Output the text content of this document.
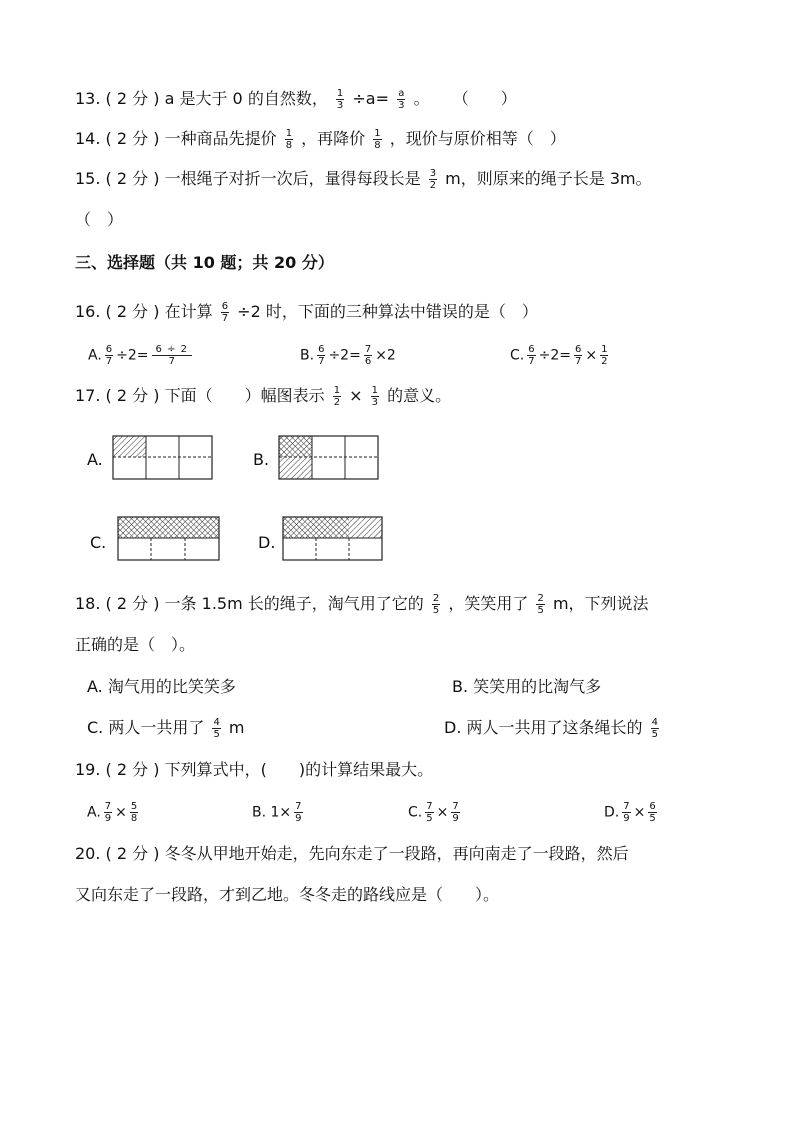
13. ( 2 分 ) a 是大于 0 的自然数， $\frac{1}{3} \div a= \frac{a}{3}$ 。 （　　）
14. ( 2 分 ) 一种商品先提价 $\frac{1}{8}$ ，再降价 $\frac{1}{8}$ ，现价与原价相等（　）
15. ( 2 分 ) 一根绳子对折一次后，量得每段长是 $\frac{3}{2}$ m，则原来的绳子长是 3m。
（　）
三、选择题（共 10 题；共 20 分）
16. ( 2 分 ) 在计算 $\frac{6}{7} \div 2$ 时，下面的三种算法中错误的是（　）
A. $\frac{6}{7} \div 2= \frac{6 \div 2}{7}$	B. $\frac{6}{7} \div 2= \frac{7}{6} \times 2$	C. $\frac{6}{7} \div 2= \frac{6}{7} \times \frac{1}{2}$
17. ( 2 分 ) 下面（　　）幅图表示 $\frac{1}{2} \times \frac{1}{3}$ 的意义。
A.	B.
C.	D.
18. ( 2 分 ) 一条 1.5m 长的绳子，淘气用了它的 $\frac{2}{5}$ ，笑笑用了 $\frac{2}{5}$ m，下列说法
正确的是（　）。
A. 淘气用的比笑笑多	B. 笑笑用的比淘气多
C. 两人一共用了 $\frac{4}{5}$ m	D. 两人一共用了这条绳长的 $\frac{4}{5}$
19. ( 2 分 ) 下列算式中，(　　)的计算结果最大。
A. $\frac{7}{9} \times \frac{5}{8}$	B. $1\times \frac{7}{9}$	C. $\frac{7}{5} \times \frac{7}{9}$	D. $\frac{7}{9} \times \frac{6}{5}$
20. ( 2 分 ) 冬冬从甲地开始走，先向东走了一段路，再向南走了一段路，然后
又向东走了一段路，才到乙地。冬冬走的路线应是（　　）。
